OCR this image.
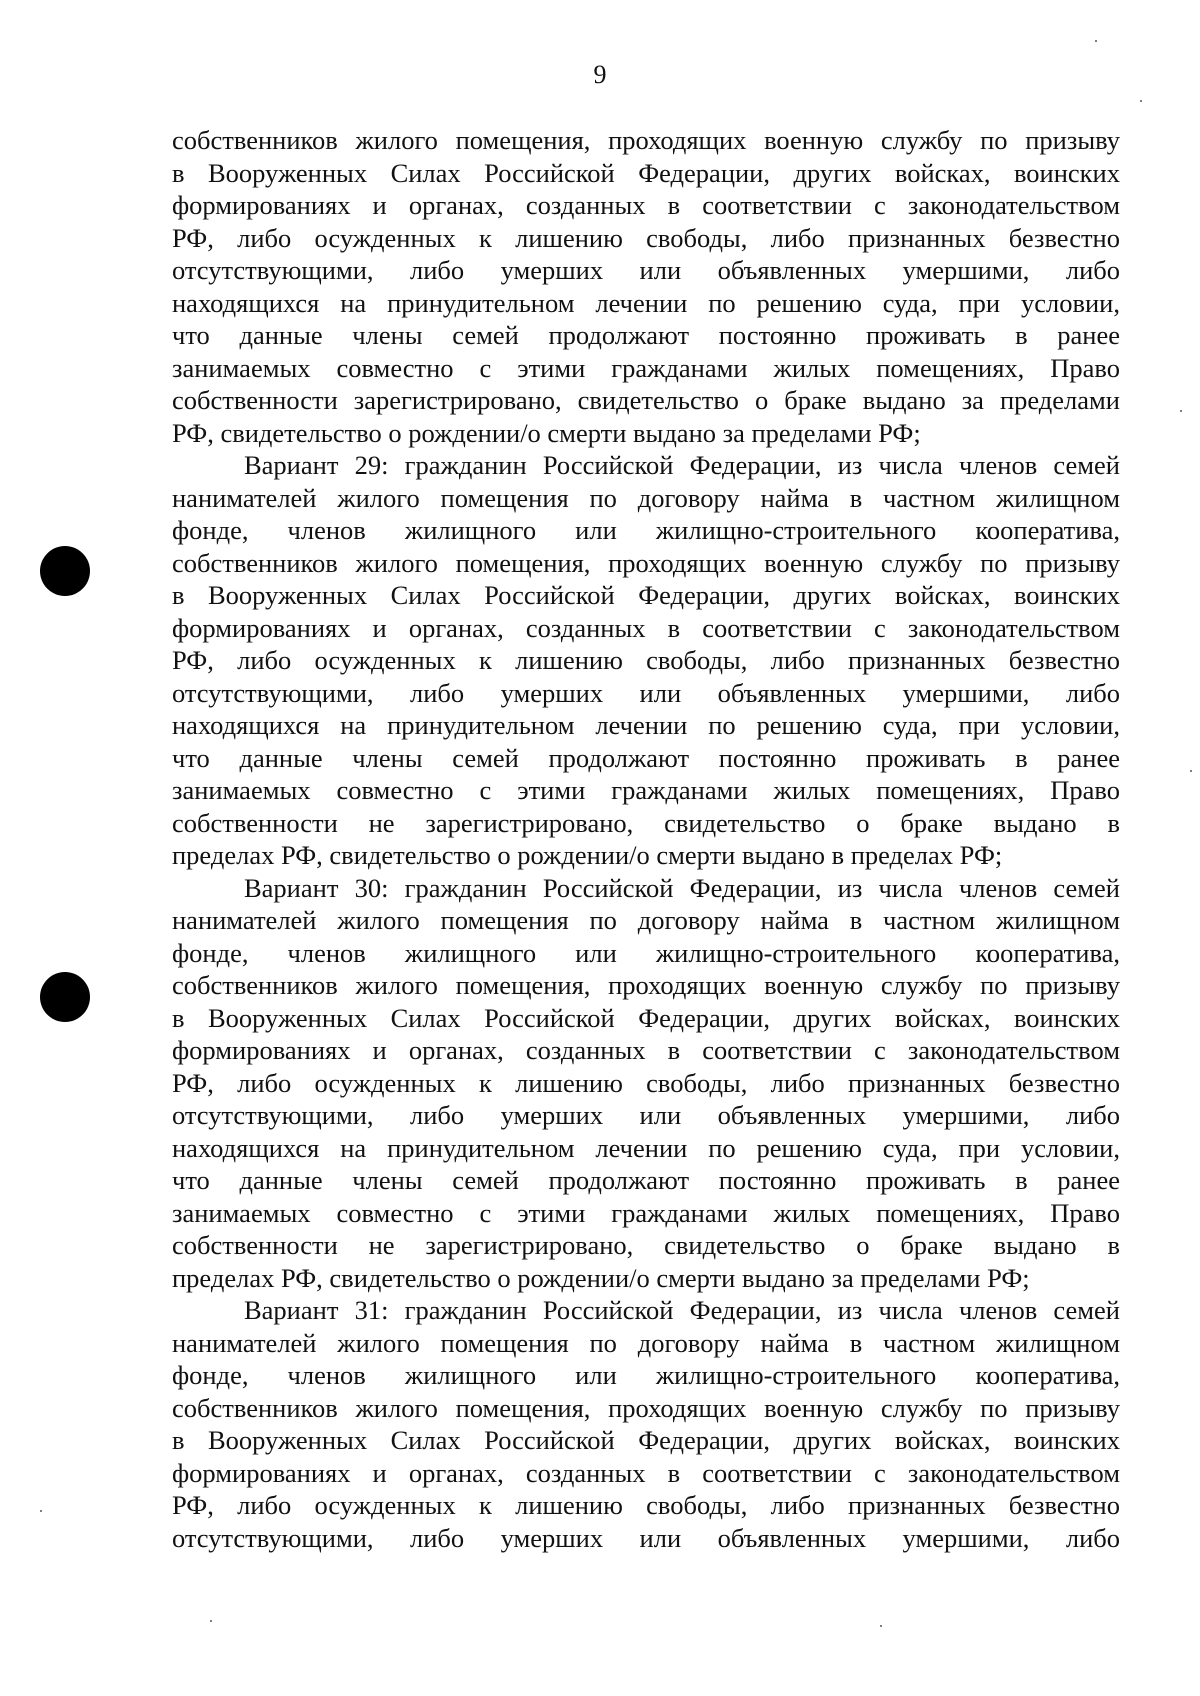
9
собственников жилого помещения, проходящих военную службу по призыву
в Вооруженных Силах Российской Федерации, других войсках, воинских
формированиях и органах, созданных в соответствии с законодательством
РФ, либо осужденных к лишению свободы, либо признанных безвестно
отсутствующими, либо умерших или объявленных умершими, либо
находящихся на принудительном лечении по решению суда, при условии,
что данные члены семей продолжают постоянно проживать в ранее
занимаемых совместно с этими гражданами жилых помещениях, Право
собственности зарегистрировано, свидетельство о браке выдано за пределами
РФ, свидетельство о рождении/о смерти выдано за пределами РФ;
Вариант 29: гражданин Российской Федерации, из числа членов семей
нанимателей жилого помещения по договору найма в частном жилищном
фонде, членов жилищного или жилищно-строительного кооператива,
собственников жилого помещения, проходящих военную службу по призыву
в Вооруженных Силах Российской Федерации, других войсках, воинских
формированиях и органах, созданных в соответствии с законодательством
РФ, либо осужденных к лишению свободы, либо признанных безвестно
отсутствующими, либо умерших или объявленных умершими, либо
находящихся на принудительном лечении по решению суда, при условии,
что данные члены семей продолжают постоянно проживать в ранее
занимаемых совместно с этими гражданами жилых помещениях, Право
собственности не зарегистрировано, свидетельство о браке выдано в
пределах РФ, свидетельство о рождении/о смерти выдано в пределах РФ;
Вариант 30: гражданин Российской Федерации, из числа членов семей
нанимателей жилого помещения по договору найма в частном жилищном
фонде, членов жилищного или жилищно-строительного кооператива,
собственников жилого помещения, проходящих военную службу по призыву
в Вооруженных Силах Российской Федерации, других войсках, воинских
формированиях и органах, созданных в соответствии с законодательством
РФ, либо осужденных к лишению свободы, либо признанных безвестно
отсутствующими, либо умерших или объявленных умершими, либо
находящихся на принудительном лечении по решению суда, при условии,
что данные члены семей продолжают постоянно проживать в ранее
занимаемых совместно с этими гражданами жилых помещениях, Право
собственности не зарегистрировано, свидетельство о браке выдано в
пределах РФ, свидетельство о рождении/о смерти выдано за пределами РФ;
Вариант 31: гражданин Российской Федерации, из числа членов семей
нанимателей жилого помещения по договору найма в частном жилищном
фонде, членов жилищного или жилищно-строительного кооператива,
собственников жилого помещения, проходящих военную службу по призыву
в Вооруженных Силах Российской Федерации, других войсках, воинских
формированиях и органах, созданных в соответствии с законодательством
РФ, либо осужденных к лишению свободы, либо признанных безвестно
отсутствующими, либо умерших или объявленных умершими, либо
